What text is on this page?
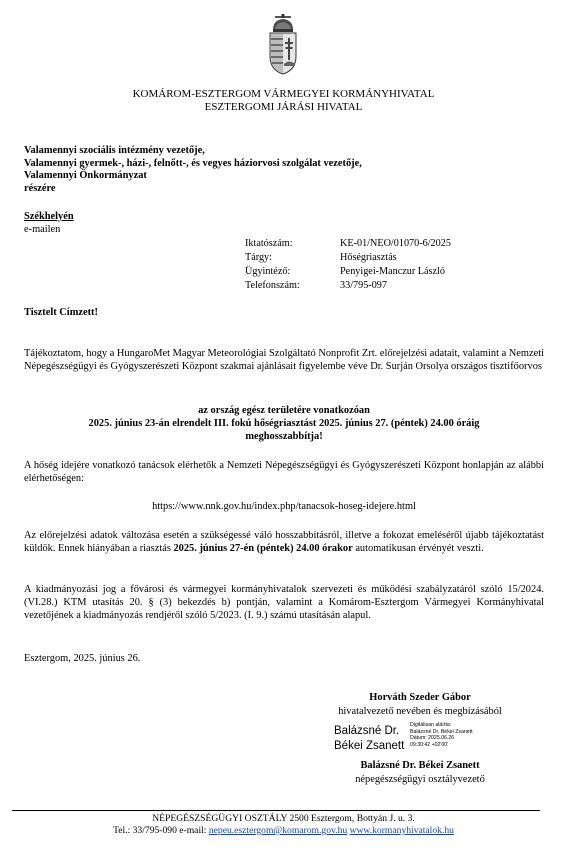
KOMÁROM-ESZTERGOM VÁRMEGYEI KORMÁNYHIVATAL
ESZTERGOMI JÁRÁSI HIVATAL
Valamennyi szociális intézmény vezetője,
Valamennyi gyermek-, házi-, felnőtt-, és vegyes háziorvosi szolgálat vezetője,
Valamennyi Önkormányzat
részére
Székhelyén
e-mailen
Iktatószám:	KE-01/NEO/01070-6/2025
Tárgy:	Hőségriasztás
Ügyintéző:	Penyigei-Manczur László
Telefonszám:	33/795-097
Tisztelt Címzett!
Tájékoztatom, hogy a HungaroMet Magyar Meteorológiai Szolgáltató Nonprofit Zrt. előrejelzési adatait, valamint a Nemzeti Népegészségügyi és Gyógyszerészeti Központ szakmai ajánlásait figyelembe véve Dr. Surján Orsolya országos tisztifőorvos
az ország egész területére vonatkozóan
2025. június 23-án elrendelt III. fokú hőségriasztást 2025. június 27. (péntek) 24.00 óráig
meghosszabbítja!
A hőség idejére vonatkozó tanácsok elérhetők a Nemzeti Népegészségügyi és Gyógyszerészeti Központ honlapján az alábbi elérhetőségen:
https://www.nnk.gov.hu/index.php/tanacsok-hoseg-idejere.html
Az előrejelzési adatok változása esetén a szükségessé váló hosszabbításról, illetve a fokozat emeléséről újabb tájékoztatást küldök. Ennek hiányában a riasztás 2025. június 27-én (péntek) 24.00 órakor automatikusan érvényét veszti.
A kiadmányozási jog a fővárosi és vármegyei kormányhivatalok szervezeti és működési szabályzatáról szóló 15/2024. (VI.28.) KTM utasítás 20. § (3) bekezdés b) pontján, valamint a Komárom-Esztergom Vármegyei Kormányhivatal vezetőjének a kiadmányozás rendjéről szóló 5/2023. (I. 9.) számú utasításán alapul.
Esztergom, 2025. június 26.
Horváth Szeder Gábor
hivatalvezető nevében és megbízásából
Balázsné Dr.
Békei Zsanett
Digitálisan aláírta:
Balázsné Dr. Békei Zsanett
Dátum: 2025.06.26
09:30:42 +02'00'
Balázsné Dr. Békei Zsanett
népegészségügyi osztályvezető
NÉPEGÉSZSÉGÜGYI OSZTÁLY 2500 Esztergom, Bottyán J. u. 3.
Tel.: 33/795-090 e-mail: nepeu.esztergom@komarom.gov.hu www.kormanyhivatalok.hu
